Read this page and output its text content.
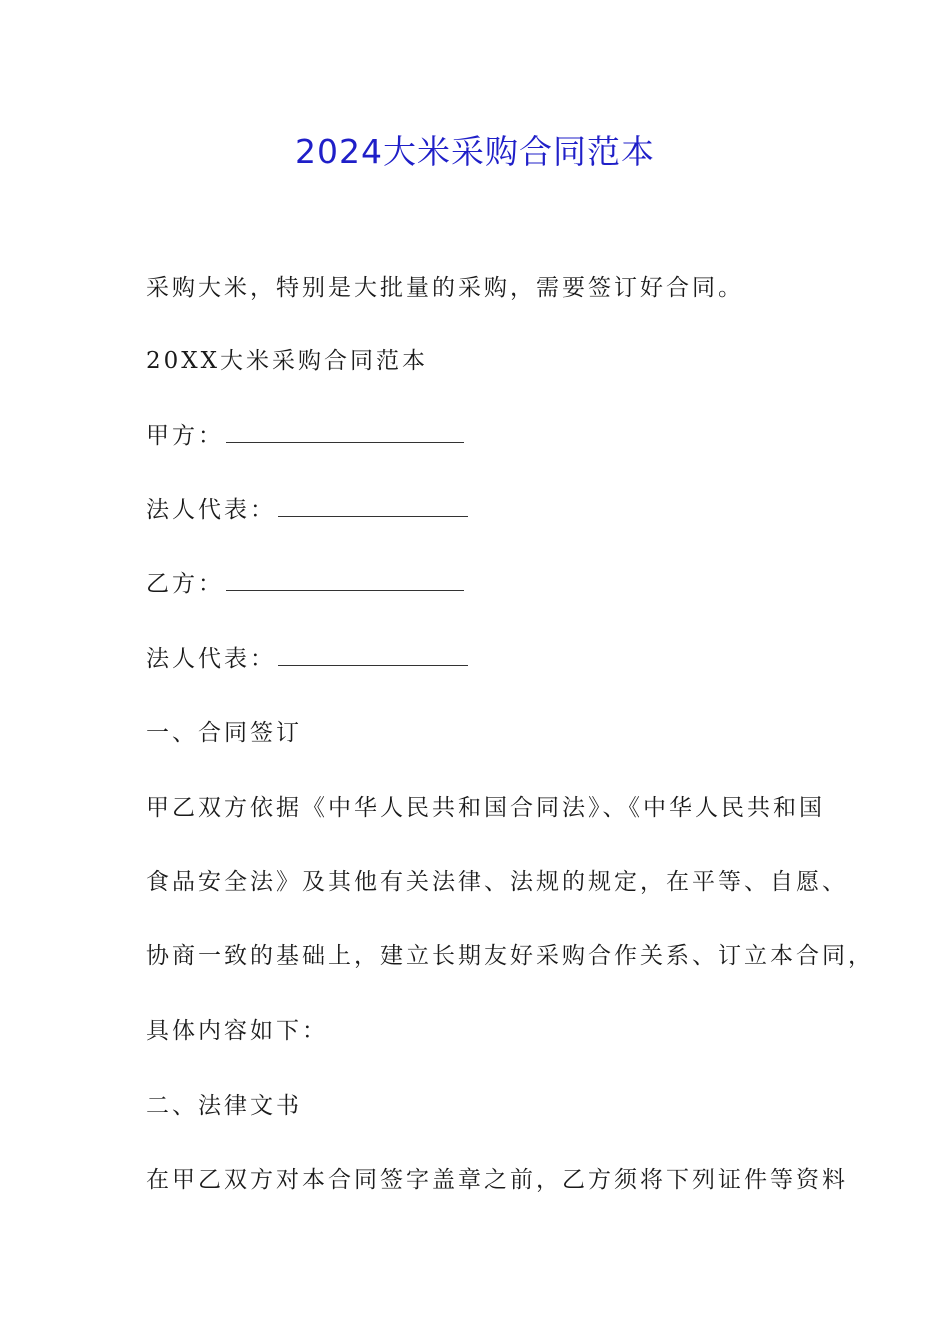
2024大米采购合同范本

采购大米，特别是大批量的采购，需要签订好合同。

20XX大米采购合同范本

甲方：
法人代表：
乙方：
法人代表：

一、合同签订

甲乙双方依据《中华人民共和国合同法》、《中华人民共和国

食品安全法》及其他有关法律、法规的规定，在平等、自愿、

协商一致的基础上，建立长期友好采购合作关系、订立本合同，

具体内容如下：

二、法律文书

在甲乙双方对本合同签字盖章之前，乙方须将下列证件等资料
